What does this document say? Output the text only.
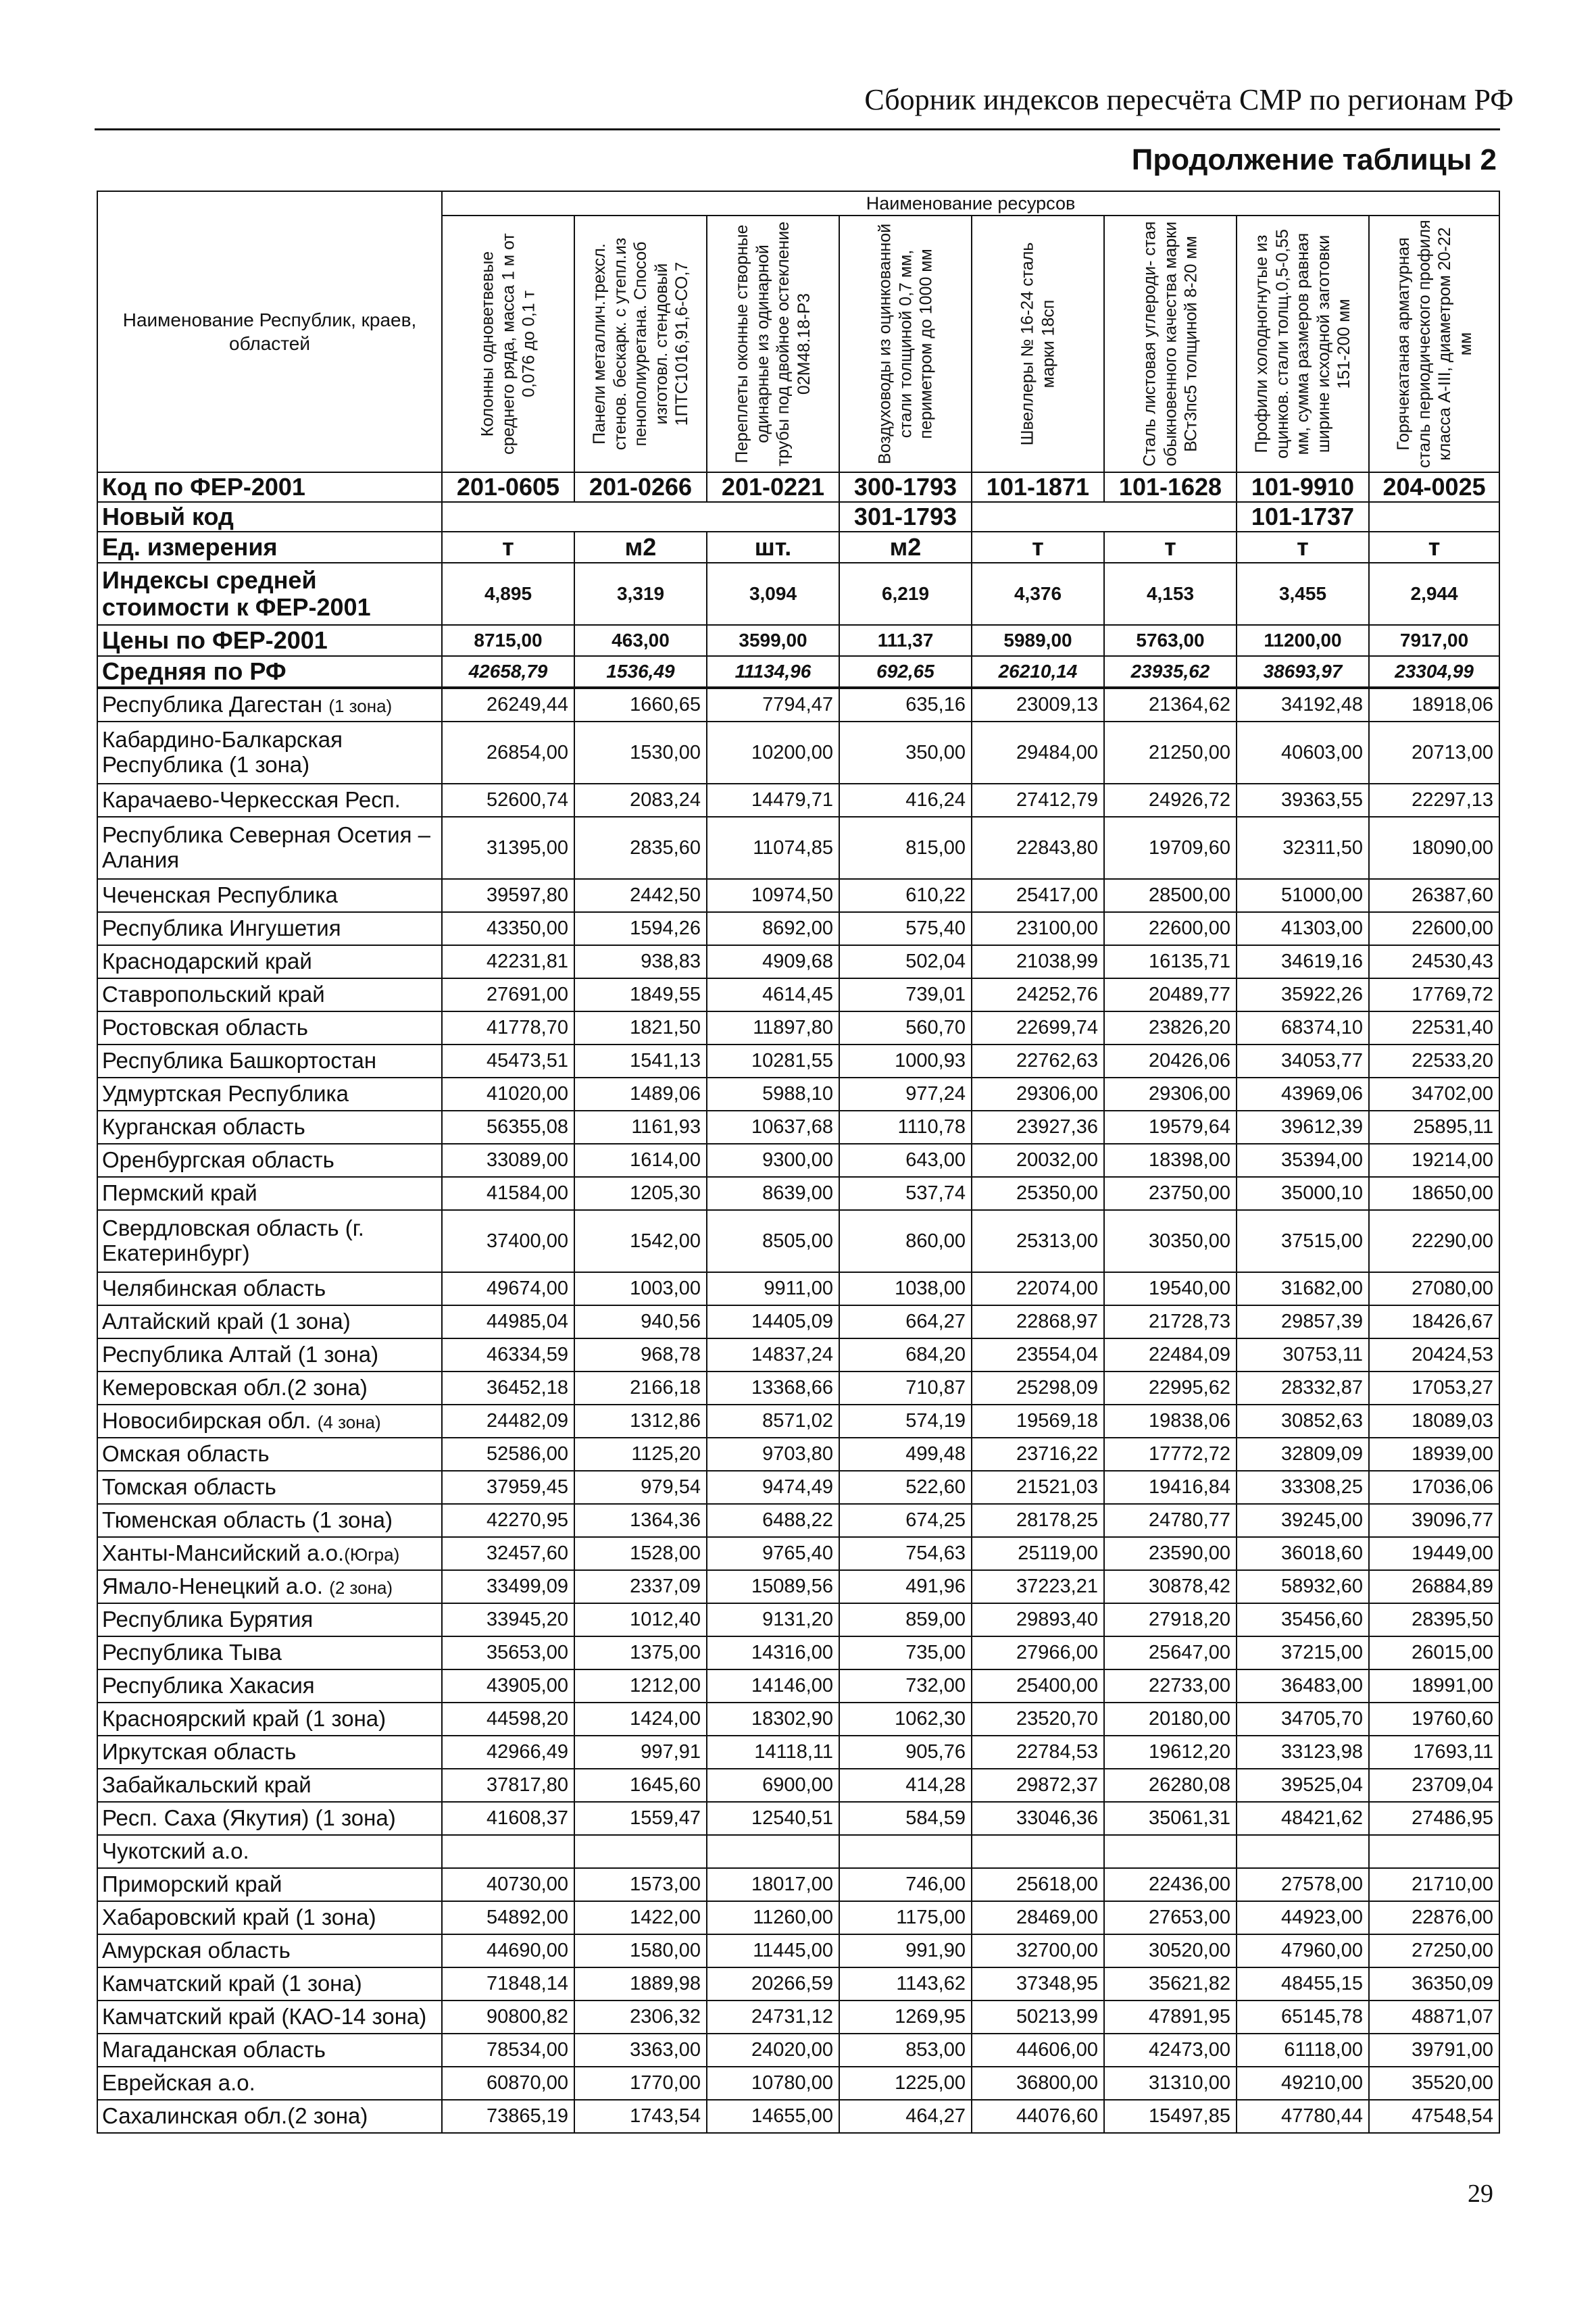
Сборник индексов пересчёта СМР по регионам РФ
Продолжение таблицы 2
Наименование Республик, краев, областей	Наименование ресурсов							

	Колонны одноветвевые среднего ряда, масса 1 м от 0,076 до 0,1 т	Панели металлич.трехсл. стенов. бескарк. с утепл.из пенополиуретана. Способ изготовл. стендовый 1ПТС1016,91,6-СО,7	Переплеты оконные створные одинарные из одинарной трубы под двойное остекление 02М48.18-Р3	Воздуховоды из оцинкованной стали толщиной 0,7 мм, периметром до 1000 мм	Швеллеры № 16-24 сталь марки 18сп	Сталь листовая углероди- стая обыкновенного качества марки ВСт3пс5 толщиной 8-20 мм	Профили холодногнутые из оцинков. стали толщ.0,5-0,55 мм, сумма размеров равная ширине исходной заготовки 151-200 мм	Горячекатаная арматурная сталь периодического профиля класса А-III, диаметром 20-22 мм

Код по ФЕР-2001	201-0605	201-0266	201-0221	300-1793	101-1871	101-1628	101-9910	204-0025
Новый код				301-1793			101-1737	
Ед. измерения	т	м2	шт.	м2	т	т	т	т
Индексы средней стоимости к ФЕР-2001	4,895	3,319	3,094	6,219	4,376	4,153	3,455	2,944
Цены по ФЕР-2001	8715,00	463,00	3599,00	111,37	5989,00	5763,00	11200,00	7917,00
Средняя по РФ	42658,79	1536,49	11134,96	692,65	26210,14	23935,62	38693,97	23304,99
Республика Дагестан (1 зона)	26249,44	1660,65	7794,47	635,16	23009,13	21364,62	34192,48	18918,06
Кабардино-Балкарская Республика (1 зона)	26854,00	1530,00	10200,00	350,00	29484,00	21250,00	40603,00	20713,00
Карачаево-Черкесская Респ.	52600,74	2083,24	14479,71	416,24	27412,79	24926,72	39363,55	22297,13
Республика Северная Осетия – Алания	31395,00	2835,60	11074,85	815,00	22843,80	19709,60	32311,50	18090,00
Чеченская Республика	39597,80	2442,50	10974,50	610,22	25417,00	28500,00	51000,00	26387,60
Республика Ингушетия	43350,00	1594,26	8692,00	575,40	23100,00	22600,00	41303,00	22600,00
Краснодарский край	42231,81	938,83	4909,68	502,04	21038,99	16135,71	34619,16	24530,43
Ставропольский край	27691,00	1849,55	4614,45	739,01	24252,76	20489,77	35922,26	17769,72
Ростовская область	41778,70	1821,50	11897,80	560,70	22699,74	23826,20	68374,10	22531,40
Республика Башкортостан	45473,51	1541,13	10281,55	1000,93	22762,63	20426,06	34053,77	22533,20
Удмуртская Республика	41020,00	1489,06	5988,10	977,24	29306,00	29306,00	43969,06	34702,00
Курганская область	56355,08	1161,93	10637,68	1110,78	23927,36	19579,64	39612,39	25895,11
Оренбургская область	33089,00	1614,00	9300,00	643,00	20032,00	18398,00	35394,00	19214,00
Пермский край	41584,00	1205,30	8639,00	537,74	25350,00	23750,00	35000,10	18650,00
Свердловская область (г. Екатеринбург)	37400,00	1542,00	8505,00	860,00	25313,00	30350,00	37515,00	22290,00
Челябинская область	49674,00	1003,00	9911,00	1038,00	22074,00	19540,00	31682,00	27080,00
Алтайский край (1 зона)	44985,04	940,56	14405,09	664,27	22868,97	21728,73	29857,39	18426,67
Республика Алтай (1 зона)	46334,59	968,78	14837,24	684,20	23554,04	22484,09	30753,11	20424,53
Кемеровская обл.(2 зона)	36452,18	2166,18	13368,66	710,87	25298,09	22995,62	28332,87	17053,27
Новосибирская обл. (4 зона)	24482,09	1312,86	8571,02	574,19	19569,18	19838,06	30852,63	18089,03
Омская область	52586,00	1125,20	9703,80	499,48	23716,22	17772,72	32809,09	18939,00
Томская область	37959,45	979,54	9474,49	522,60	21521,03	19416,84	33308,25	17036,06
Тюменская область (1 зона)	42270,95	1364,36	6488,22	674,25	28178,25	24780,77	39245,00	39096,77
Ханты-Мансийский а.о.(Югра)	32457,60	1528,00	9765,40	754,63	25119,00	23590,00	36018,60	19449,00
Ямало-Ненецкий а.о. (2 зона)	33499,09	2337,09	15089,56	491,96	37223,21	30878,42	58932,60	26884,89
Республика Бурятия	33945,20	1012,40	9131,20	859,00	29893,40	27918,20	35456,60	28395,50
Республика Тыва	35653,00	1375,00	14316,00	735,00	27966,00	25647,00	37215,00	26015,00
Республика Хакасия	43905,00	1212,00	14146,00	732,00	25400,00	22733,00	36483,00	18991,00
Красноярский край (1 зона)	44598,20	1424,00	18302,90	1062,30	23520,70	20180,00	34705,70	19760,60
Иркутская область	42966,49	997,91	14118,11	905,76	22784,53	19612,20	33123,98	17693,11
Забайкальский край	37817,80	1645,60	6900,00	414,28	29872,37	26280,08	39525,04	23709,04
Респ. Саха (Якутия) (1 зона)	41608,37	1559,47	12540,51	584,59	33046,36	35061,31	48421,62	27486,95
Чукотский а.о.								
Приморский край	40730,00	1573,00	18017,00	746,00	25618,00	22436,00	27578,00	21710,00
Хабаровский край (1 зона)	54892,00	1422,00	11260,00	1175,00	28469,00	27653,00	44923,00	22876,00
Амурская область	44690,00	1580,00	11445,00	991,90	32700,00	30520,00	47960,00	27250,00
Камчатский край (1 зона)	71848,14	1889,98	20266,59	1143,62	37348,95	35621,82	48455,15	36350,09
Камчатский край (КАО-14 зона)	90800,82	2306,32	24731,12	1269,95	50213,99	47891,95	65145,78	48871,07
Магаданская область	78534,00	3363,00	24020,00	853,00	44606,00	42473,00	61118,00	39791,00
Еврейская а.о.	60870,00	1770,00	10780,00	1225,00	36800,00	31310,00	49210,00	35520,00
Сахалинская обл.(2 зона)	73865,19	1743,54	14655,00	464,27	44076,60	15497,85	47780,44	47548,54
29
